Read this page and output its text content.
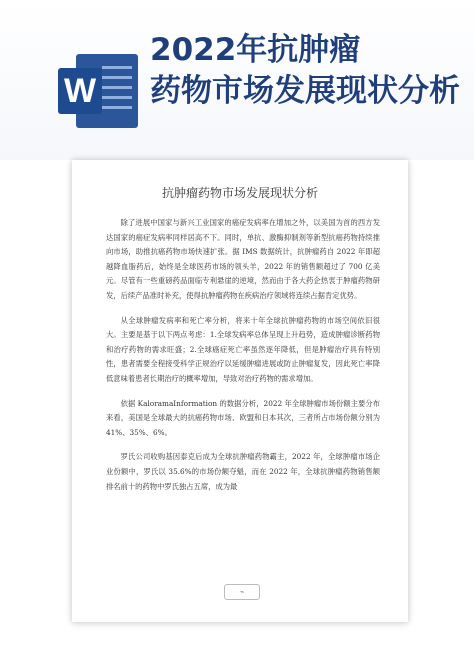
W
2022年抗肿瘤
药物市场发展现状分析
抗肿瘤药物市场发展现状分析

除了进展中国家与新兴工业国家的癌症发病率在增加之外，以美国为首的西方发达国家的癌症发病率同样居高不下。同时，单抗、激酶抑制剂等新型抗癌药物持续推向市场，助推抗癌药物市场快速扩张。据 IMS 数据统计，抗肿瘤药自 2022 年即超越降血脂药后，始终是全球医药市场的领头羊，2022 年的销售额超过了 700 亿美元。尽管有一些重磅药品面临专利悬崖的逆境，然而由于各大药企热衷于肿瘤药物研发，后续产品准时补充，使得抗肿瘤药物在疾病治疗领域将连续占据肯定优势。

从全球肿瘤发病率和死亡率分析，将来十年全球抗肿瘤药物的市场空间依旧很大。主要是基于以下两点考虑：1.全球发病率总体呈现上升趋势，造成肿瘤诊断药物和治疗药物的需求旺盛；2.全球癌症死亡率虽然逐年降低，但是肿瘤治疗具有特别性，患者需要全程接受科学正规治疗以延缓肿瘤进展或防止肿瘤复发，因此死亡率降低意味着患者长期治疗的概率增加，导致对治疗药物的需求增加。

依据 KaloramaInformation 的数据分析，2022 年全球肿瘤市场份额主要分布来看，美国是全球最大的抗癌药物市场、欧盟和日本其次，三者所占市场份额分别为 41%、35%、6%。

罗氏公司收购基因泰克后成为全球抗肿瘤药物霸主，2022 年，全球肿瘤市场企业份额中，罗氏以 35.6%的市场份额夺魁，而在 2022 年，全球抗肿瘤药物销售额排名前十的药物中罗氏独占五席，成为最

⌁
